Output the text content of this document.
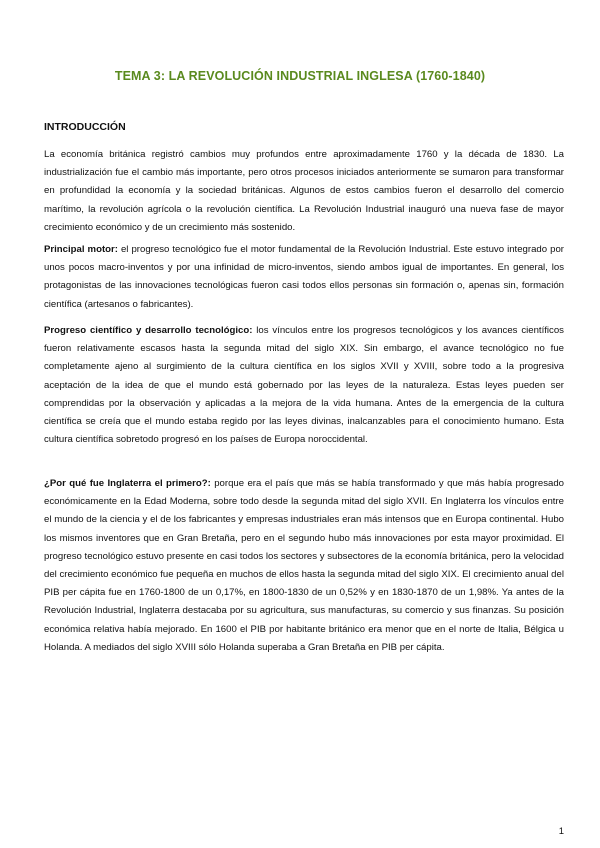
TEMA 3: LA REVOLUCIÓN INDUSTRIAL INGLESA (1760-1840)
INTRODUCCIÓN

La economía británica registró cambios muy profundos entre aproximadamente 1760 y la década de 1830. La industrialización fue el cambio más importante, pero otros procesos iniciados anteriormente se sumaron para transformar en profundidad la economía y la sociedad británicas. Algunos de estos cambios fueron el desarrollo del comercio marítimo, la revolución agrícola o la revolución científica. La Revolución Industrial inauguró una nueva fase de mayor crecimiento económico y de un crecimiento más sostenido.

Principal motor: el progreso tecnológico fue el motor fundamental de la Revolución Industrial. Este estuvo integrado por unos pocos macro-inventos y por una infinidad de micro-inventos, siendo ambos igual de importantes. En general, los protagonistas de las innovaciones tecnológicas fueron casi todos ellos personas sin formación o, apenas sin, formación científica (artesanos o fabricantes).

Progreso científico y desarrollo tecnológico: los vínculos entre los progresos tecnológicos y los avances científicos fueron relativamente escasos hasta la segunda mitad del siglo XIX. Sin embargo, el avance tecnológico no fue completamente ajeno al surgimiento de la cultura científica en los siglos XVII y XVIII, sobre todo a la progresiva aceptación de la idea de que el mundo está gobernado por las leyes de la naturaleza. Estas leyes pueden ser comprendidas por la observación y aplicadas a la mejora de la vida humana. Antes de la emergencia de la cultura científica se creía que el mundo estaba regido por las leyes divinas, inalcanzables para el conocimiento humano. Esta cultura científica sobretodo progresó en los países de Europa noroccidental.

¿Por qué fue Inglaterra el primero?: porque era el país que más se había transformado y que más había progresado económicamente en la Edad Moderna, sobre todo desde la segunda mitad del siglo XVII. En Inglaterra los vínculos entre el mundo de la ciencia y el de los fabricantes y empresas industriales eran más intensos que en Europa continental. Hubo los mismos inventores que en Gran Bretaña, pero en el segundo hubo más innovaciones por esta mayor proximidad. El progreso tecnológico estuvo presente en casi todos los sectores y subsectores de la economía británica, pero la velocidad del crecimiento económico fue pequeña en muchos de ellos hasta la segunda mitad del siglo XIX. El crecimiento anual del PIB per cápita fue en 1760-1800 de un 0,17%, en 1800-1830 de un 0,52% y en 1830-1870 de un 1,98%. Ya antes de la Revolución Industrial, Inglaterra destacaba por su agricultura, sus manufacturas, su comercio y sus finanzas. Su posición económica relativa había mejorado. En 1600 el PIB por habitante británico era menor que en el norte de Italia, Bélgica u Holanda. A mediados del siglo XVIII sólo Holanda superaba a Gran Bretaña en PIB per cápita.

1
